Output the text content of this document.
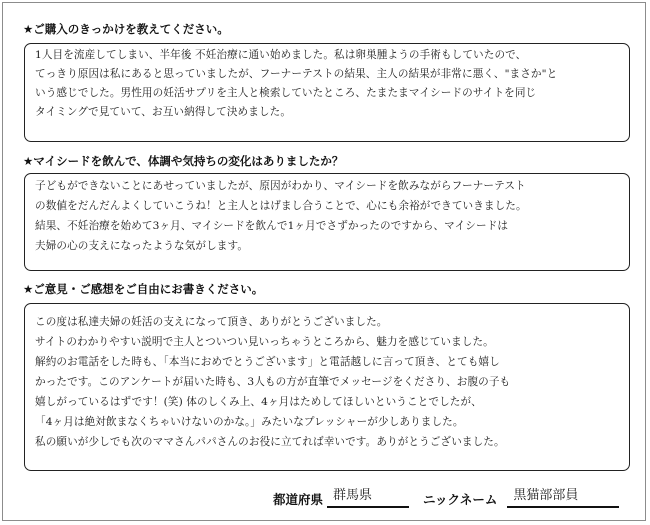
★ご購入のきっかけを教えてください。
1人目を流産してしまい、半年後 不妊治療に通い始めました。私は卵巣腫ようの手術もしていたので、
てっきり原因は私にあると思っていましたが、フーナーテストの結果、主人の結果が非常に悪く、"まさか"と
いう感じでした。男性用の妊活サプリを主人と検索していたところ、たまたまマイシードのサイトを同じ
タイミングで見ていて、お互い納得して決めました。
★マイシードを飲んで、体調や気持ちの変化はありましたか？
子どもができないことにあせっていましたが、原因がわかり、マイシードを飲みながらフーナーテスト
の数値をだんだんよくしていこうね！と主人とはげまし合うことで、心にも余裕ができていきました。
結果、不妊治療を始めて3ヶ月、マイシードを飲んで1ヶ月でさずかったのですから、マイシードは
夫婦の心の支えになったような気がします。
★ご意見・ご感想をご自由にお書きください。
この度は私達夫婦の妊活の支えになって頂き、ありがとうございました。
サイトのわかりやすい説明で主人とついつい見いっちゃうところから、魅力を感じていました。
解約のお電話をした時も、「本当におめでとうございます」と電話越しに言って頂き、とても嬉し
かったです。このアンケートが届いた時も、3人もの方が直筆でメッセージをくださり、お腹の子も
嬉しがっているはずです！(笑) 体のしくみ上、4ヶ月はためしてほしいということでしたが、
「4ヶ月は絶対飲まなくちゃいけないのかな。」みたいなプレッシャーが少しありました。
私の願いが少しでも次のママさんパパさんのお役に立てれば幸いです。ありがとうございました。
都道府県 群馬県	ニックネーム	黒猫部部員
